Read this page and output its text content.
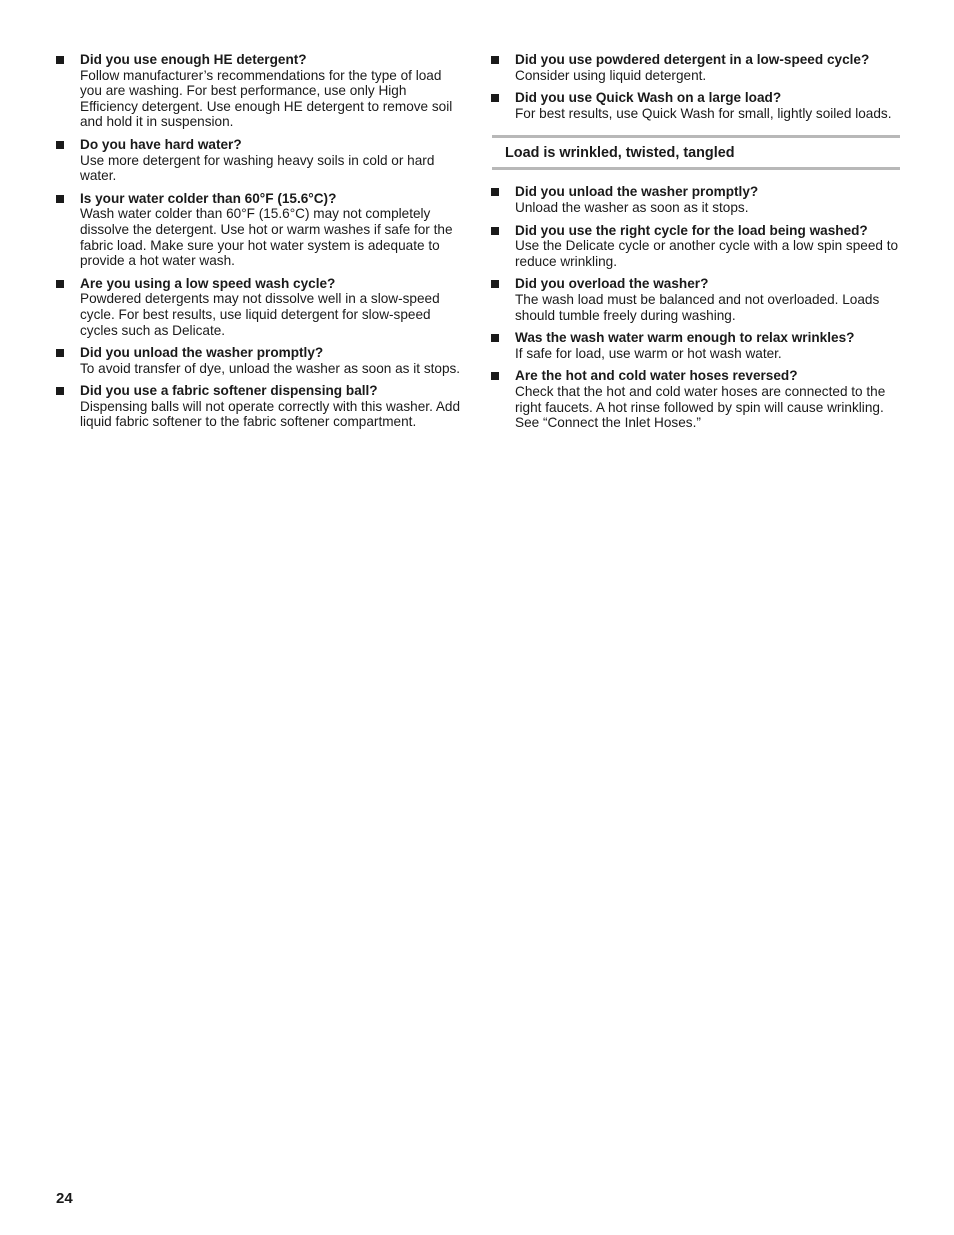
Did you use enough HE detergent?
Follow manufacturer’s recommendations for the type of load you are washing. For best performance, use only High Efficiency detergent. Use enough HE detergent to remove soil and hold it in suspension.
Do you have hard water?
Use more detergent for washing heavy soils in cold or hard water.
Is your water colder than 60°F (15.6°C)?
Wash water colder than 60°F (15.6°C) may not completely dissolve the detergent. Use hot or warm washes if safe for the fabric load. Make sure your hot water system is adequate to provide a hot water wash.
Are you using a low speed wash cycle?
Powdered detergents may not dissolve well in a slow-speed cycle. For best results, use liquid detergent for slow-speed cycles such as Delicate.
Did you unload the washer promptly?
To avoid transfer of dye, unload the washer as soon as it stops.
Did you use a fabric softener dispensing ball?
Dispensing balls will not operate correctly with this washer. Add liquid fabric softener to the fabric softener compartment.
Did you use powdered detergent in a low-speed cycle?
Consider using liquid detergent.
Did you use Quick Wash on a large load?
For best results, use Quick Wash for small, lightly soiled loads.
Load is wrinkled, twisted, tangled
Did you unload the washer promptly?
Unload the washer as soon as it stops.
Did you use the right cycle for the load being washed?
Use the Delicate cycle or another cycle with a low spin speed to reduce wrinkling.
Did you overload the washer?
The wash load must be balanced and not overloaded. Loads should tumble freely during washing.
Was the wash water warm enough to relax wrinkles?
If safe for load, use warm or hot wash water.
Are the hot and cold water hoses reversed?
Check that the hot and cold water hoses are connected to the right faucets. A hot rinse followed by spin will cause wrinkling. See “Connect the Inlet Hoses.”
24
